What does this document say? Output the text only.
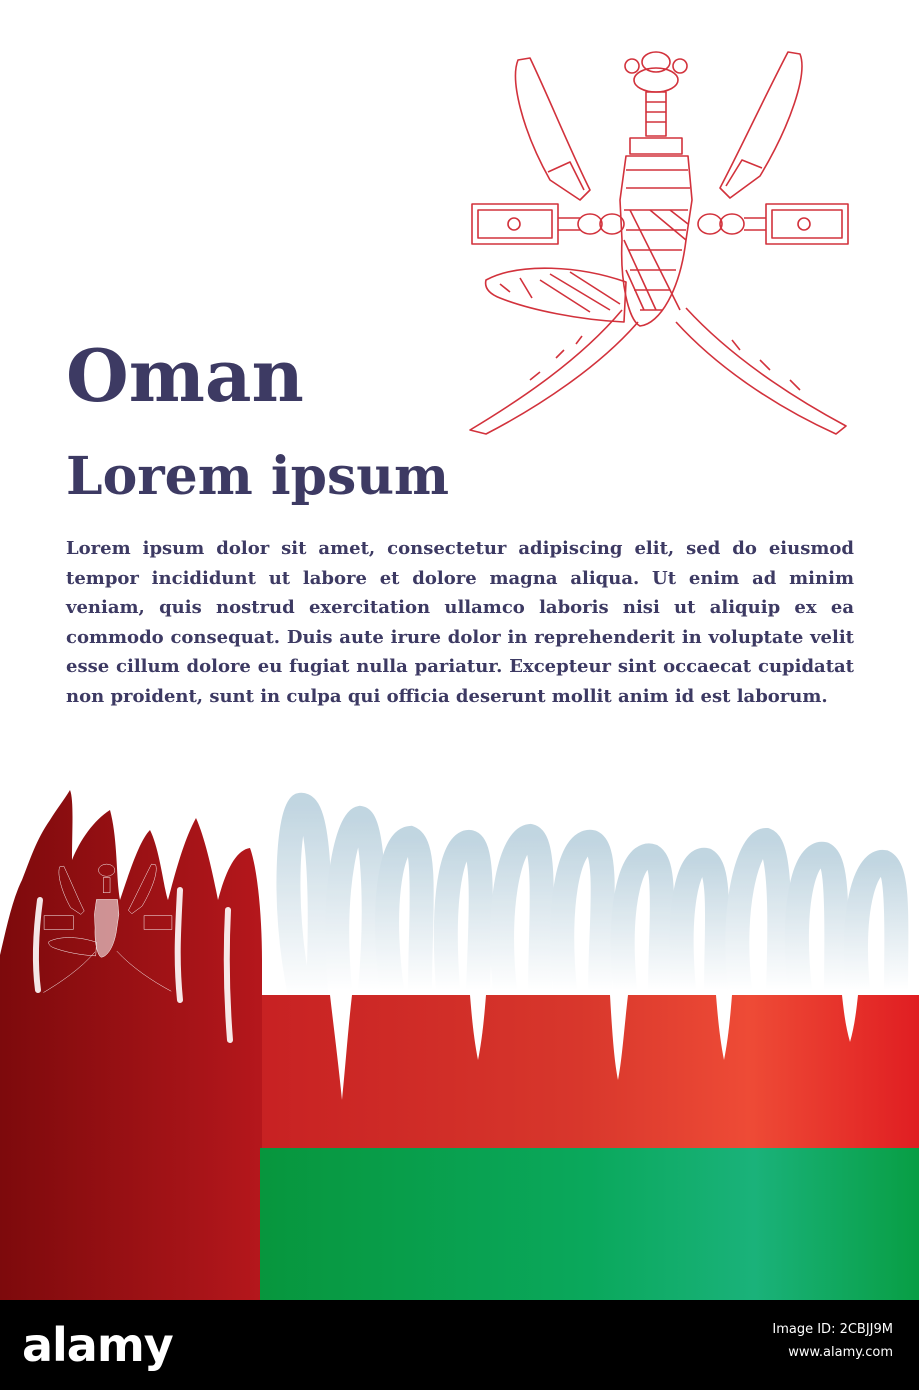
Oman
Lorem ipsum

Lorem ipsum dolor sit amet, consectetur adipiscing elit, sed do eiusmod tempor incididunt ut labore et dolore magna aliqua. Ut enim ad minim veniam, quis nostrud exercitation ullamco laboris nisi ut aliquip ex ea commodo consequat. Duis aute irure dolor in reprehenderit in voluptate velit esse cillum dolore eu fugiat nulla pariatur. Excepteur sint occaecat cupidatat non proident, sunt in culpa qui officia deserunt mollit anim id est laborum.

alamy	Image ID: 2CBJJ9M
www.alamy.com
